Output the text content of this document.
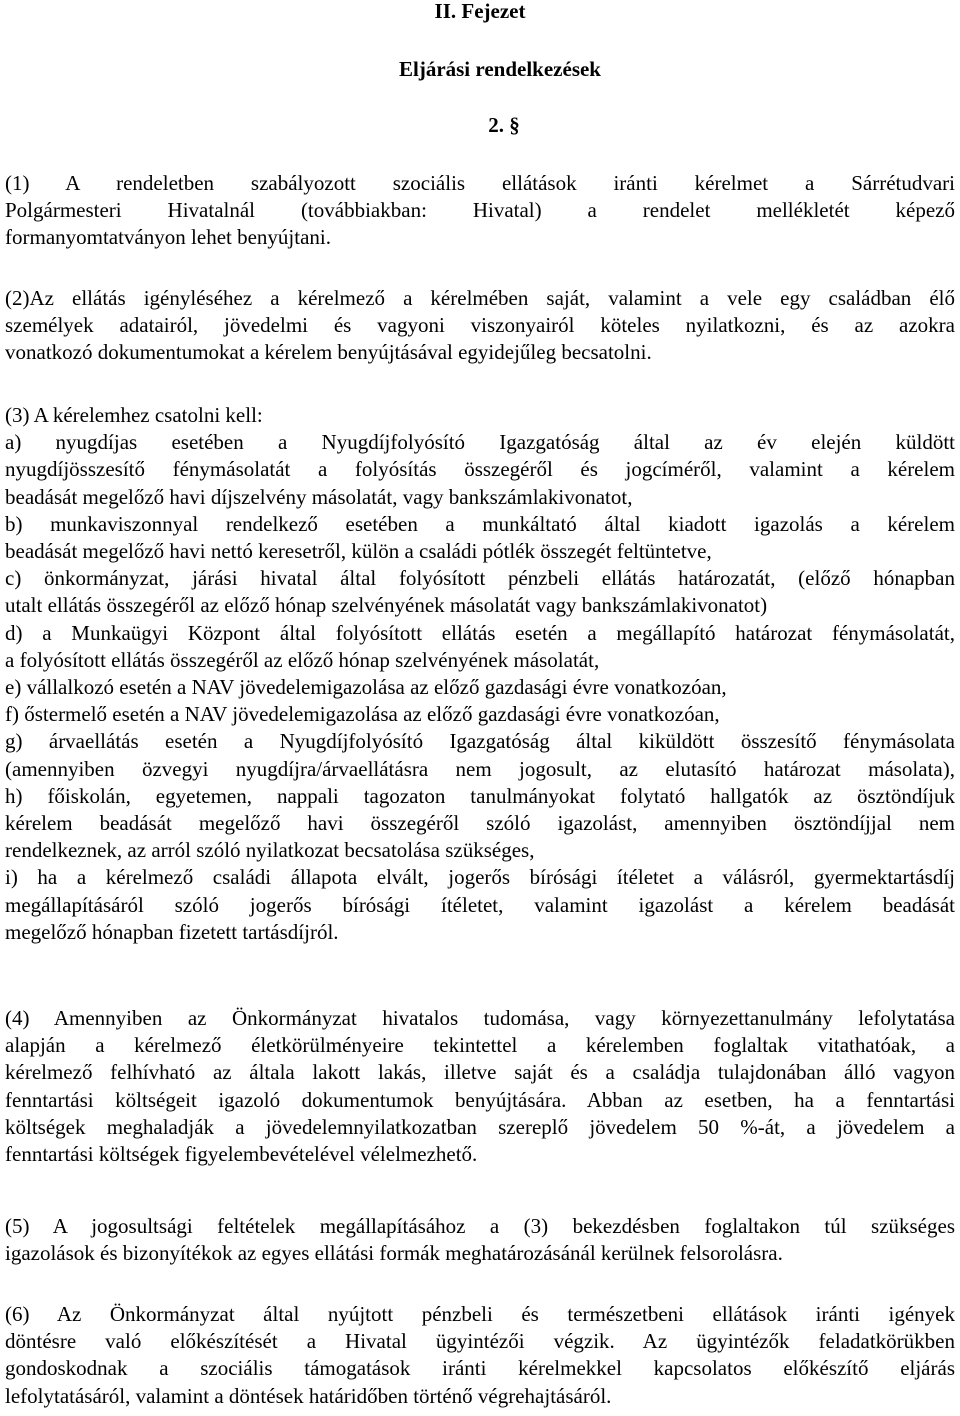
II. Fejezet
Eljárási rendelkezések
2. §
(1) A rendeletben szabályozott szociális ellátások iránti kérelmet a Sárrétudvari
Polgármesteri Hivatalnál (továbbiakban: Hivatal) a rendelet mellékletét képező
formanyomtatványon lehet benyújtani.
(2)Az ellátás igényléséhez a kérelmező a kérelmében saját, valamint a vele egy családban élő
személyek adatairól, jövedelmi és vagyoni viszonyairól köteles nyilatkozni, és az azokra
vonatkozó dokumentumokat a kérelem benyújtásával egyidejűleg becsatolni.
(3) A kérelemhez csatolni kell:
a) nyugdíjas esetében a Nyugdíjfolyósító Igazgatóság által az év elején küldött
nyugdíjösszesítő fénymásolatát a folyósítás összegéről és jogcíméről, valamint a kérelem
beadását megelőző havi díjszelvény másolatát, vagy bankszámlakivonatot,
b) munkaviszonnyal rendelkező esetében a munkáltató által kiadott igazolás a kérelem
beadását megelőző havi nettó keresetről, külön a családi pótlék összegét feltüntetve,
c) önkormányzat, járási hivatal által folyósított pénzbeli ellátás határozatát, (előző hónapban
utalt ellátás összegéről az előző hónap szelvényének másolatát vagy bankszámlakivonatot)
d) a Munkaügyi Központ által folyósított ellátás esetén a megállapító határozat fénymásolatát,
a folyósított ellátás összegéről az előző hónap szelvényének másolatát,
e) vállalkozó esetén a NAV jövedelemigazolása az előző gazdasági évre vonatkozóan,
f) őstermelő esetén a NAV jövedelemigazolása az előző gazdasági évre vonatkozóan,
g) árvaellátás esetén a Nyugdíjfolyósító Igazgatóság által kiküldött összesítő fénymásolata
(amennyiben özvegyi nyugdíjra/árvaellátásra nem jogosult, az elutasító határozat másolata),
h) főiskolán, egyetemen, nappali tagozaton tanulmányokat folytató hallgatók az ösztöndíjuk
kérelem beadását megelőző havi összegéről szóló igazolást, amennyiben ösztöndíjjal nem
rendelkeznek, az arról szóló nyilatkozat becsatolása szükséges,
i) ha a kérelmező családi állapota elvált, jogerős bírósági ítéletet a válásról, gyermektartásdíj
megállapításáról szóló jogerős bírósági ítéletet, valamint igazolást a kérelem beadását
megelőző hónapban fizetett tartásdíjról.
(4) Amennyiben az Önkormányzat hivatalos tudomása, vagy környezettanulmány lefolytatása
alapján a kérelmező életkörülményeire tekintettel a kérelemben foglaltak vitathatóak, a
kérelmező felhívható az általa lakott lakás, illetve saját és a családja tulajdonában álló vagyon
fenntartási költségeit igazoló dokumentumok benyújtására. Abban az esetben, ha a fenntartási
költségek meghaladják a jövedelemnyilatkozatban szereplő jövedelem 50 %-át, a jövedelem a
fenntartási költségek figyelembevételével vélelmezhető.
(5) A jogosultsági feltételek megállapításához a (3) bekezdésben foglaltakon túl szükséges
igazolások és bizonyítékok az egyes ellátási formák meghatározásánál kerülnek felsorolásra.
(6) Az Önkormányzat által nyújtott pénzbeli és természetbeni ellátások iránti igények
döntésre való előkészítését a Hivatal ügyintézői végzik. Az ügyintézők feladatkörükben
gondoskodnak a szociális támogatások iránti kérelmekkel kapcsolatos előkészítő eljárás
lefolytatásáról, valamint a döntések határidőben történő végrehajtásáról.
